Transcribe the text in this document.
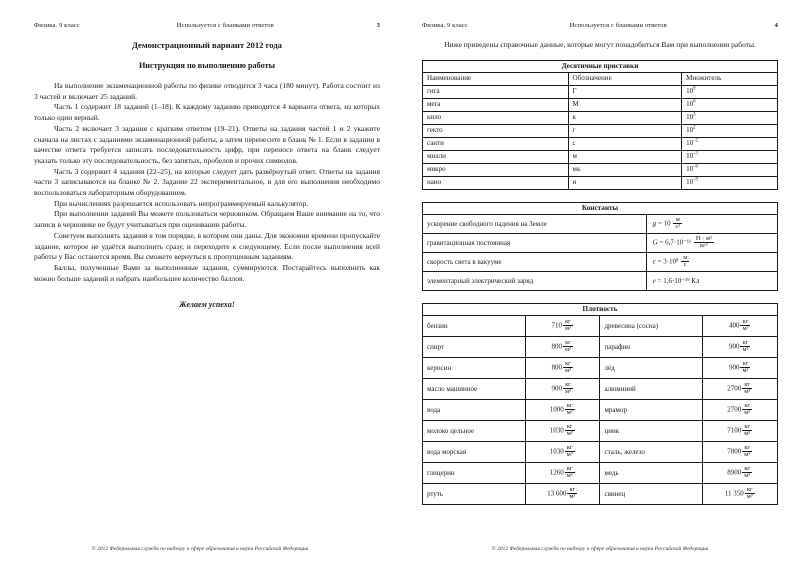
Физика. 9 класс	Используется с бланками ответов	3
Демонстрационный вариант 2012 года
Инструкция по выполнению работы

На выполнение экзаменационной работы по физике отводится 3 часа (180 минут). Работа состоит из 3 частей и включает 25 заданий.

Часть 1 содержит 18 заданий (1–18). К каждому заданию приводится 4 варианта ответа, из которых только один верный.

Часть 2 включает 3 задания с кратким ответом (19–21). Ответы на задания частей 1 и 2 укажите сначала на листах с заданиями экзаменационной работы, а затем перенесите в бланк № 1. Если в задании в качестве ответа требуется записать последовательность цифр, при переносе ответа на бланк следует указать только эту последовательность, без запятых, пробелов и прочих символов.

Часть 3 содержит 4 задания (22–25), на которые следует дать развёрнутый ответ. Ответы на задания части 3 записываются на бланке № 2. Задание 22 экспериментальное, и для его выполнения необходимо воспользоваться лабораторным оборудованием.

При вычислениях разрешается использовать непрограммируемый калькулятор.

При выполнении заданий Вы можете пользоваться черновиком. Обращаем Ваше внимание на то, что записи в черновике не будут учитываться при оценивании работы.

Советуем выполнять задания в том порядке, в котором они даны. Для экономии времени пропускайте задание, которое не удаётся выполнить сразу, и переходите к следующему. Если после выполнения всей работы у Вас останется время, Вы сможете вернуться к пропущенным заданиям.

Баллы, полученные Вами за выполненные задания, суммируются. Постарайтесь выполнить как можно больше заданий и набрать наибольшее количество баллов.

Желаем успеха!
© 2012 Федеральная служба по надзору в сфере образования и науки Российской Федерации
Физика. 9 класс	Используется с бланками ответов	4
Ниже приведены справочные данные, которые могут понадобиться Вам при выполнении работы.
Десятичные приставки		
Наименование	Обозначение	Множитель
гига	Г	$10^9$
мега	М	$10^6$
кило	к	$10^3$
гекто	г	$10^2$
санти	с	$10^{-2}$
милли	м	$10^{-3}$
микро	мк	$10^{-6}$
нано	н	$10^{-9}$
Константы	
ускорение свободного падения на Земле	$g = 10 \frac{м}{\text{с²}}$

гравитационная постоянная	$G = 6,7\cdot 10^{-11} \frac{\text{Н · м²}}{\text{кг²}}$

скорость света в вакууме	$c = 3\cdot 10^8 \frac{м}{с}$

элементарный электрический заряд	e = 1,6·10⁻¹⁹ Кл
Плотность			
бензин	$710 \frac{кг}{\text{м³}}$	древесина (сосна)	$400 \frac{кг}{\text{м³}}$

спирт	$800 \frac{кг}{\text{м³}}$	парафин	$900 \frac{кг}{\text{м³}}$

керосин	$800 \frac{кг}{\text{м³}}$	лёд	$900 \frac{кг}{\text{м³}}$

масло машинное	$900 \frac{кг}{\text{м³}}$	алюминий	$2700 \frac{кг}{\text{м³}}$

вода	$1000 \frac{кг}{\text{м³}}$	мрамор	$2700 \frac{кг}{\text{м³}}$

молоко цельное	$1030 \frac{кг}{\text{м³}}$	цинк	$7100 \frac{кг}{\text{м³}}$

вода морская	$1030 \frac{кг}{\text{м³}}$	сталь, железо	$7800 \frac{кг}{\text{м³}}$

глицерин	$1260 \frac{кг}{\text{м³}}$	медь	$8900 \frac{кг}{\text{м³}}$

ртуть	13 $600 \frac{кг}{\text{м³}}$	свинец	11 $350 \frac{кг}{\text{м³}}$
© 2012 Федеральная служба по надзору в сфере образования и науки Российской Федерации
